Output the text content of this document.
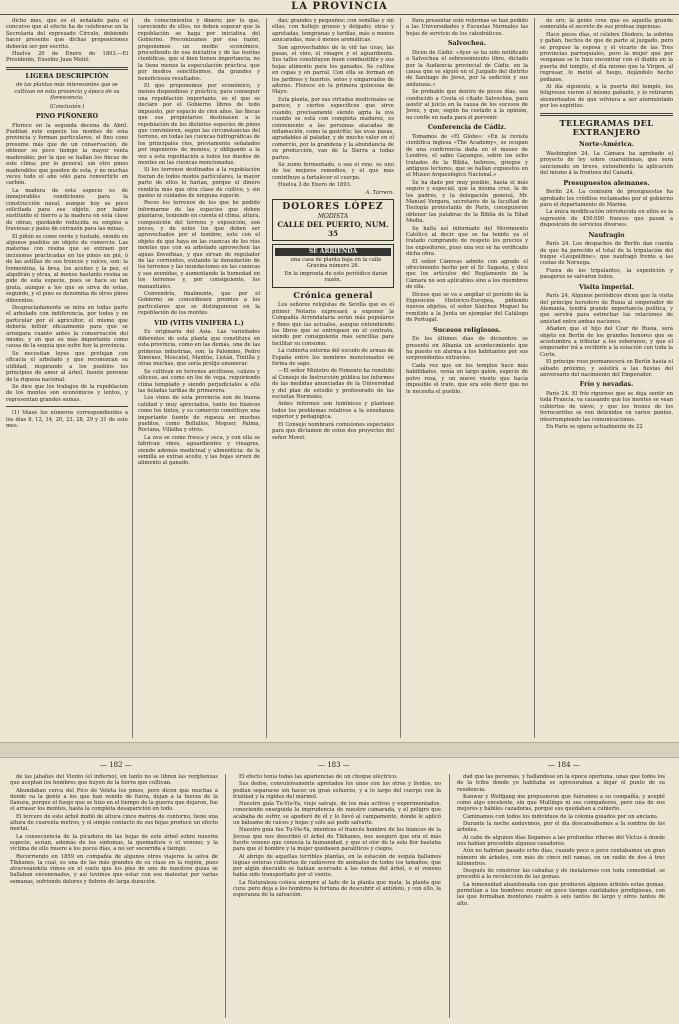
LA PROVINCIA

dicho mes, que es el señalado para el concurso que al efecto ha de celebrarse en la Secretaría del expresado Círculo, debiendo hacer presente que dichas proposiciones deberán ser por escrito.

Huelva 20 de Enero de 1893.—El Presidente, Eusebio Juan Mellé.

LIGERA DESCRIPCIÓN
de las plantas más interesantes que se cultivan en esta provincia y época de su florescencia.
(Conclusión.)
PINO PIÑONERO

Florece en la segunda decena de Abril. Pueblan este especie los montes de esta provincia y forman particulares, el fino cono presume más que de un conservación, de obtener su poco tiempo la mayor venta maderable; por la que se hallan los fincas de este clima; por lo general, sin otro pinos maderables que pueden de esta, y no muchas veces todo el año sólo para convertirlo en carbón.

La madera de esta especie es de inmejorables condiciones para la construcción naval, aunque hoy se poco solicitada para ese objeto, por haber sustituido el hierro a la madera en esta clase de obras; quedando reducida su empleo a traviesas y palos de cerrazón para las minas.

El piñón se come verde y tostado, siendo en algunos pueblos un objeto de comercio. Las materias con resina que se extraen por incisiones practicadas en los pinos en pié, ó de las astillas de sus troncos y raíces, son: la trementina, la brea, los aceites y la pez, el alquitrán y otras, al menos bastante resina se pide de esta especie, pues se hace su tan grata, aunque a los que se sirva de estas, segundo, y el pino se denomina de otros pinos diferentes.

Desgraciadamente se mira en todas parte el arbolado con indiferencia, por todos y en particular por el agricultor, el mismo que debería influir eficazmente para que se arraigara cuanto antes la conservación del mismo, y en que es más importante como causa de la sequía que sufre hoy la provincia.

Se necesitan leyes que protejan con eficacia el arbolado y que reconozcan su utilidad, inspirando a los pueblos los principios de amor al árbol, fuente perenne de la riqueza nacional.

Se dice que los trabajos de la repoblación de los montes son económicos y lentos, y representan grandes sumas.

(1) Véase los números correspondientes a los días 8, 12, 14, 20, 23, 28, 29 y 31 de este mes.

de conocimientos y dinero; por lo que, careciendo de ellos, no deben esperar que la repoblación se haga por iniciativa del Gobierno. Preconizamos por esa razón, proponemos un medio económico, procediendo de esa iniciativa y de las teorías científicas, que si bien tienen importancia, no la tiene menos la especulación práctica, que por medios sencillísimos, da grandes y beneficiosos resultados.

El que proponemos por económico, y menos dispendioso y práctico, para conseguir una repoblación importante, es el que se declare por el Gobierno libres de todo impuesto, por espacio de cien años, las fincas que sus propietarios destinasen a la repoblación de los distintos especies de pinos que convinieren, según las circunstancias del terreno, en todas las cuencas hidrográficas de los principales ríos, previamente señalados por ingenieros de montes, y obligando a la vez a esta repoblación a todos los dueños de montes en las cuencas mencionadas.

Si los terrenos destinados a la repoblación fueran de todos modos particulares, la mayor parte de ellos lo harían, porque el dinero rendiría más que otra clase de cultivo, y sin gastos ni cuidados de ninguna especie.

Pocos los terrenos de los que he podido informarme de las especies que deben plantarse, teniendo en cuenta el clima, altura, composición del terreno y exposición, son pocos, y de estos los que deben ser aprovechados por el hombre, esto con el objeto de que haya en las cuencas de los ríos montes que con su arbolado aprovechen las aguas llovedizas, y que sirvan de regulador de las corrientes, evitando la denudación de los terrenos y las inundaciones en las cuencas y sus avenidas, y aumentando la humedad en los terrenos y, por consiguiente, los manantiales.

Convendría, finalmente, que por el Gobierno se concediesen premios a los particulares que se distinguieran en la repoblación de los montes.

VID (VITIS VINIFERA L.)

Es originaria del Asia. Las variedades diferentes de esta planta que constituye en esta provincia, como en las demás, una de las primeras industrias, son: la Palomino, Pedro Ximénez, Moscatel, Mantúo, Listán, Tintilla y otras muchas, que sería prolijo enumerar.

Se cultivan en terrenos arcillosos, calizos y silíceos, así como en los de vega, requiriendo clima templado y siendo perjudiciales a ella las heladas tardías de primavera.

Los vinos de esta provincia son de buena calidad y muy apreciados, tanto los blancos como los tintos, y su comercio constituye una importante fuente de riqueza en muchos pueblos, como Bollullos, Moguer, Palma, Rociana, Villalba y otros.

La uva se come fresca y seca, y con ella se fabrican vinos, aguardientes y vinagres, siendo además medicinal y alimenticia: de la semilla se extrae aceite, y las hojas sirven de alimento al ganado.

das; grandes y pequeños; con semillas y sin ellas; con hollejo grueso y delgado; otras y apretadas, tempranas y tardías, más o menos azucaradas, más ó menos aromáticas.

Son aprovechables de la vid las uvas, las pasas, el vino, el vinagre y el aguardiente. Sus tallos constituyen buen combustible y sus hojas alimento para los ganados. Se cultiva en cepas y en parral. Con ella se forman en los jardines y huertos, setos y emparrados de adorno. Florece en la primera quincena de Mayo.

Esta planta, por sus virtudes medicinales se parece, y ciertos específicos que sirve cuando, precisamente siendo agria la uva cuando se está con completa madurez, es conveniente a las personas atacadas de inflamación, como la gastritis; las uvas pasas, agradables al paladar, y de mucho valor en el comercio, por la grandeza y la abundancia de su producción, van de la Sierra a todas partes.

Su zumo fermentado, o sea el vino, es uno de los mejores remedios, y el que más contribuye a fortalecer el cuerpo.

Huelva 3 de Enero de 1893.

A. Tarrero.

DOLORES LÓPEZ
MODISTA
CALLE DEL PUERTO, NUM. 35
SE ARRIENDA

una casa de planta baja en la calle Gravina número 26.

En la imprenta de este periódico darán razón.

Crónica general

Los señores relojistas de Sevilla que es el primer Notario expresará a exponer la Compañía Arrendataria serán más populares y fines que las actuales, aunque entendiendo los libros que se entreguen en el contrato, siendo por consiguiente más sencillas para facilitar su consumo.

La cubierta externa del escudo de armas de España entre los nombres mencionados en forma de sapo.

—El señor Ministro de Fomento ha remitido al Consejo de Instrucción pública los informes de las medidas anunciadas de la Universidad y del plan de estudio y profesorado de las escuelas Normales.

Antes informes son lumínicos y plantean todos los problemas relativos a la enseñanza superior y pedagógica.

El Consejo nombrará comisiones especiales para que dictamen de estos dos proyectos del señor Moret.

Para presentar este reformas se han pedido a las Universidades y Escuelas Normales las hojas de servicio de los catedráticos.

Salvochea.

Dicen de Cádiz: «Ayer se ha sido notificado a Salvochea el sobreseimiento libre, dictado por la Audiencia provincial de Cádiz, en la causa que se siguió en el Juzgado del distrito de Santiago de Jerez, por la sedición y sus andanzas.»

Se probable que dentro de pocos días, sea conducido a Ceuta el citado Salvochea, para asistir al juicio en la causa de los sucesos de Jerez, y que, según ha costado a la opinión, no confíe en nada para el porvenir.

Conferencia de Cádiz.

Tomamos de «El Globo»: «En la revista científica inglesa «The Academy», se ocupan de una conferencia dada en el museo de Londres, el sabio Gayangos, sobre los ocho tratados de la Biblia, hebreos, griegos y antiguos lectores, que se hallan expuestos en el Museo Arqueológico Nacional.»

Se ha dado por muy posible, hasta el más seguro y especial, que la misma cruz, la de los padres, y la delegación general, Mr. Manuel Vergara, secretario de la facultad de Teología protestante de Paris, consiguieron obtener las palabras de la Biblia de la Edad Media.

Se halla así informado del Movimiento Católico al decir que se ha tenido ya el tratado comprando de respeto los precios y los expositores, pues una vez se ha verificado dicha obra.

El señor Cánovas admite con agrado el ofrecimiento hecho por el Sr. Sagasta, y dice que los artículos del Reglamento de la Cámara no son aplicables sino a los miembros de ella.

Dícese que se va a ampliar el período de la Exposición Histórico-Europea, pidiendo nuevos objetos, el señor Sánchez Moguel ha remitido a la Junta un ejemplar del Catálogo de Portugal.

Sucesos religiosos.

En los últimos días de diciembre se presentó en Albania un acontecimiento que ha puesto en alarma a los habitantes por sus sorprendentes extravíos.

Cada vez que en los templos hace más habilidades, venía un largo galón, especie de polvo rosa, y un nuevo viento que hacía imposible el trato, que era sólo decir que no le necesita el pueblo.

de oro; la gente cree que es aquella grande esmeralda el secreto de sus profeas ingenuas.

Hace pocos días, el célebre Diodoro, la sobrina y gabán, hechos de que de parte al juzgado, pero se propuso la esposa y el vicario de las Tres provincias parroquiales, pero la mujer que por venganza se le hizo encontrar con el diablo en la puerta del templo, el día mismo que la Virgen, al regresar, lo metió al fuego, dejándolo hecho pedazos.

Al día siguiente, a la puerta del templo, los feligreses vieron el mismo pañuelo, y lo retiraron atemorizados de que volviera a ser atormentado por los espíritus.

TELEGRAMAS DEL EXTRANJERO
Norte-América.

Washington 24. La Cámara ha aprobado el proyecto de ley sobre cuarentenas, que será sancionado en breve, extendiendo la aplicación del mismo á la frontera del Canadá.

Presupuestos alemanes.

Berlín 24. La comisión de presupuestos ha aprobado los créditos reclamados por el gobierno para el departamento de Marina.

La única modificación introducida en ellos es la supresión de 450.000 francos que pasan a disposición de servicios diversos.

Naufragio

París 24. Los despachos de Berlín dan cuenta de que ha perecido el total de la tripulación del buque «Léopoldine», que naufragó frente a las costas de Noruega.

Fuera de los tripulantes, la expedición y pasajeros se salvaron todos.

Visita imperial.

París 24. Algunos periódicos dicen que la visita del príncipe heredero de Rusia al emperador de Alemania, tendrá grande importancia política, y que servirá para estrechar las relaciones de amistad entre ambas naciones.

Añaden que el hijo del Czar de Rusia, será objeto en Berlín de los grandes honores que se acostumbra a tributar a los soberanos, y que el emperador irá a recibirle a la estación con toda la Corte.

El príncipe ruso permanecerá en Berlín hasta el sábado próximo, y asistirá a las fiestas del aniversario del nacimiento del Emperador.

Frío y nevadas.

París 24. El frío riguroso que se deja sentir en toda Francia, va causando que los montes se vean cubiertos de nieve, y que los trenes de los ferrocarriles se ven detenidos en varios puntos, interrumpiendo las comunicaciones.

En París se opera actualmente de 22

— 182 —	— 183 —	— 184 —

de las jabalíes del Viento (el infierno), en tanto no se libren las vergüenzas que aceptan los hombres que huyen de la tierra que cultivan.

Abundaban cerca del Pico de Veleta los pinos, pero dicen que muchas a donde va la gente a los que han venido de fuera, dejan a la fuerza de la llanura, porque el fuego que se hizo en el tiempo de la guerra que dejaron, fue el arrasar los montes, hasta la completa desaparición en todo.

El tercero de este árbol midió de altura cinco metros de contorno, tiene una altura de cuarenta metros, y el simple contacto de sus hojas produce un efecto mortal.

La consecuencia de la picadura de las hojas de este árbol sobre nuestra especie, serían, además de los síntomas, la quemadura o el veneno; y la víctima de ello muere a los pocos días, a no ser socorrida a tiempo.

Recorriendo en 1859 en compañía de algunos otros viajeros la selva de Tikhanes, la cual, es una de las más grandes de su clase en la región, pues atravesándola vimos en el suelo que los pies de uno de nuestros guías se hallaban envenenados, y así tuvimos que estar con ese malestar por varias semanas, sufriendo dolores y fiebres de larga duración.

El efecto tenía todas las apariencias de un choque eléctrico.

Sus dedos, convulsivamente apretados los unos con los otros y lívidos, no podían separarse sin hacer un gran esfuerzo, y a lo largo del cuerpo con la frialdad y la rigidez del mármol.

Nuestro guía Tu-Vie-Ya, viejo salvaje, de los más activos y experimentados, conociendo enseguida la imprudencia de nuestro camarada, y el peligro que acababa de sufrir, se apoderó de él y lo llevó al campamento, donde le aplicó un bálsamo de raíces y hojas y sólo así pudo salvarle.

Nuestro guía fue Tu-Vie-Ya, mientras el francés hombre de los blancos de la Jocosa que nos describió el árbol de Tikhanes, nos aseguró que era el más fuerte veneno que conocía la humanidad, y que el olor de la sola flor bastaba para que el hombre y la mujer quedasen paralíticos y ciegos.

Al abrigo de aquellas terribles plantas, en la estación de sequía hallamos leguas enteras cubiertas de cadáveres de animales de todos los tamaños, que por algún descuido se habían acercado a las ramas del árbol, o el veneno había sido transportado por el viento.

La Naturaleza coloca siempre al lado de la planta que mata, la planta que cura: pero deja a los hombres la fortuna de descubrir el antídoto, y con ello, la esperanza de la salvación.

dad que las personas, y hallándose en la época oportuna, unas que todos los de la tribu donde yo habitaba se apresuraban a dejar el punto de su residencia.

Kanwar y Wolfgang me propusieron que fuéramos a su compañía, y acepté como algo excelente, sin que Mullingo ni sus compañeros, pero una de sus mejores y hábiles cazadoras, porque sus quedaban a cubierto.

Caminamos con todos los individuos de la colonia guiados por un anciano.

Durante la noche anduvimos, por el día descansábamos a la sombra de los árboles.

Al cabo de algunos días llegamos a las profundas riberas del Víctus á donde nos habían precedido algunos cazadores.

Aún no habrían pasado ocho días, cuando poco a poco contábamos un gran número de árboles, con más de cinco mil ramas, en un radio de dos á tres kilómetros.

Después de construir las cabañas y de instalarnos con toda comodidad, se procedió a la recolección de las gomas.

La inmensidad abandonada con que producen algunos árboles estas gomas, permitían a los hombres reunir en poco tiempo cantidades prodigiosas, con las que formaban montones cuatro á seis tantos de largo y otros tantos de alto.
